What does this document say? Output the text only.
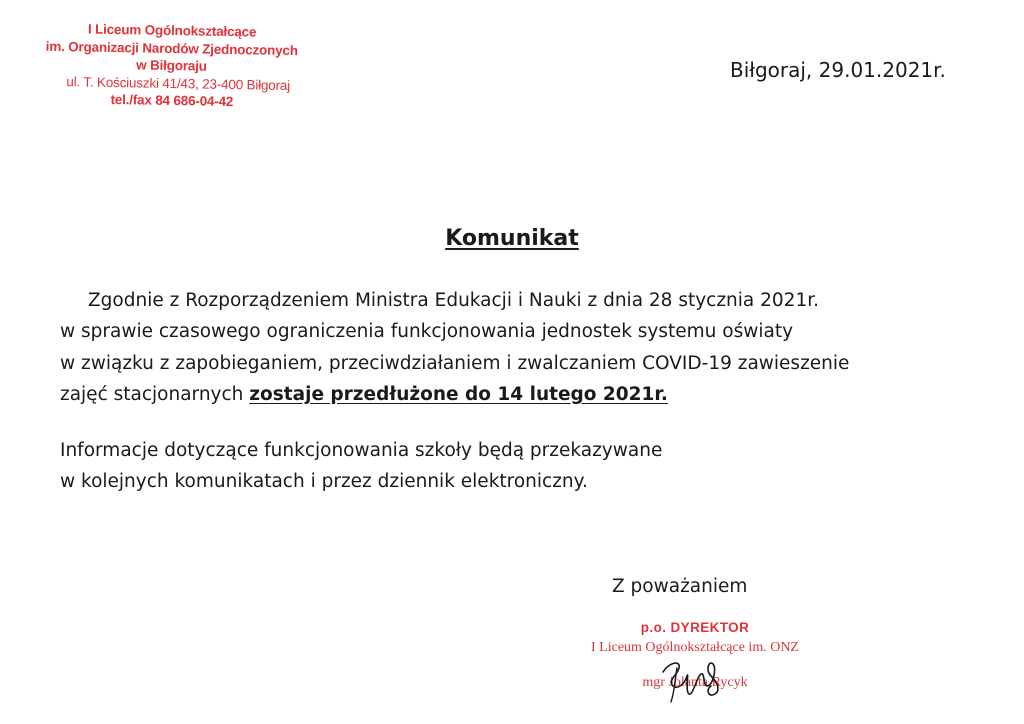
I Liceum Ogólnokształcące
im. Organizacji Narodów Zjednoczonych
w Biłgoraju
ul. T. Kościuszki 41/43, 23-400 Biłgoraj
tel./fax 84 686-04-42
Biłgoraj, 29.01.2021r.
Komunikat
Zgodnie z Rozporządzeniem Ministra Edukacji i Nauki z dnia 28 stycznia 2021r.
w sprawie czasowego ograniczenia funkcjonowania jednostek systemu oświaty
w związku z zapobieganiem, przeciwdziałaniem i zwalczaniem COVID-19 zawieszenie
zajęć stacjonarnych zostaje przedłużone do 14 lutego 2021r.
Informacje dotyczące funkcjonowania szkoły będą przekazywane
w kolejnych komunikatach i przez dziennik elektroniczny.
Z poważaniem
p.o. DYREKTOR
I Liceum Ogólnokształcące im. ONZ
mgr Jolanta Rycyk
